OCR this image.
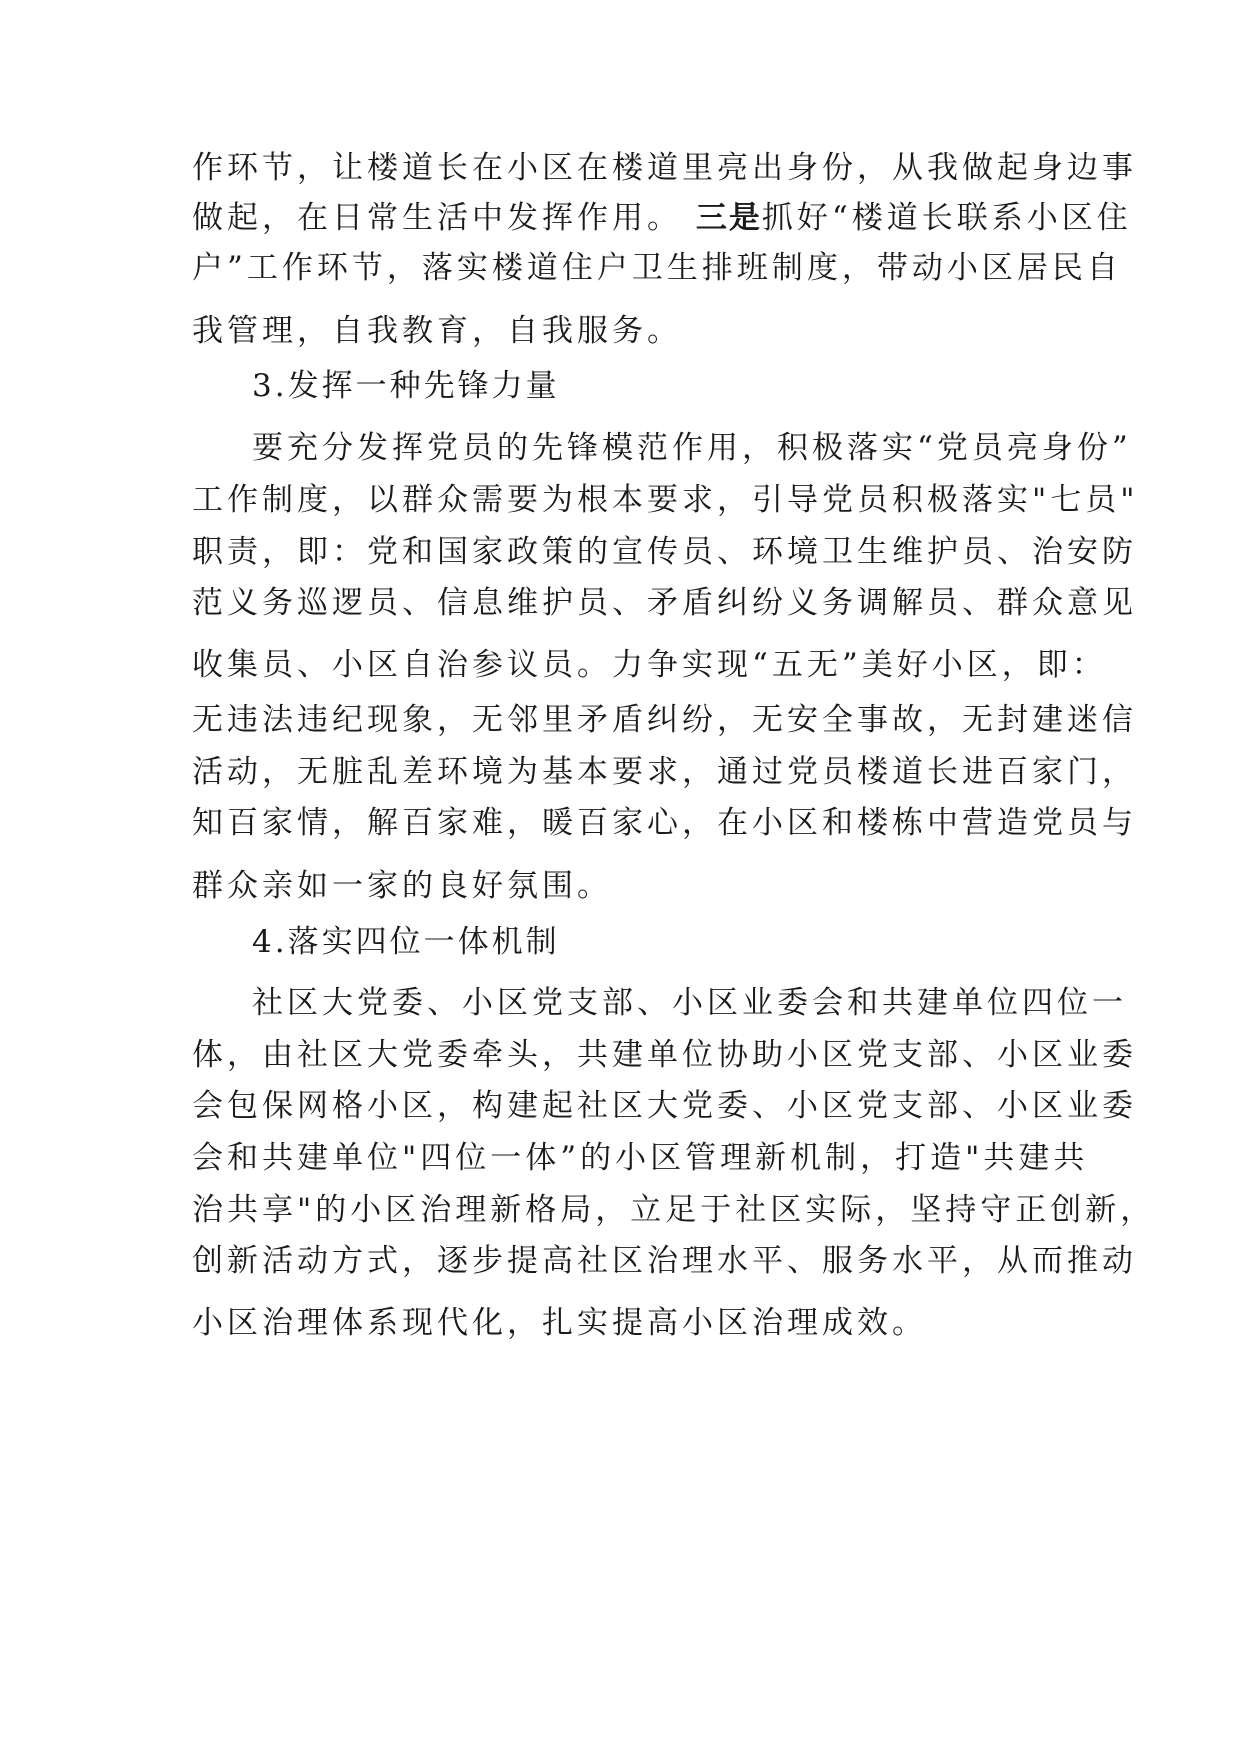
作环节，让楼道长在小区在楼道里亮出身份，从我做起身边事
做起，在日常生活中发挥作用。 三是抓好“楼道长联系小区住
户”工作环节，落实楼道住户卫生排班制度，带动小区居民自
我管理，自我教育，自我服务。
3.发挥一种先锋力量
要充分发挥党员的先锋模范作用，积极落实“党员亮身份”
工作制度，以群众需要为根本要求，引导党员积极落实"七员"
职责，即：党和国家政策的宣传员、环境卫生维护员、治安防
范义务巡逻员、信息维护员、矛盾纠纷义务调解员、群众意见
收集员、小区自治参议员。力争实现“五无”美好小区，即：
无违法违纪现象，无邻里矛盾纠纷，无安全事故，无封建迷信
活动，无脏乱差环境为基本要求，通过党员楼道长进百家门，
知百家情，解百家难，暖百家心，在小区和楼栋中营造党员与
群众亲如一家的良好氛围。
4.落实四位一体机制
社区大党委、小区党支部、小区业委会和共建单位四位一
体，由社区大党委牵头，共建单位协助小区党支部、小区业委
会包保网格小区，构建起社区大党委、小区党支部、小区业委
会和共建单位"四位一体”的小区管理新机制，打造"共建共
治共享"的小区治理新格局，立足于社区实际，坚持守正创新，
创新活动方式，逐步提高社区治理水平、服务水平，从而推动
小区治理体系现代化，扎实提高小区治理成效。
